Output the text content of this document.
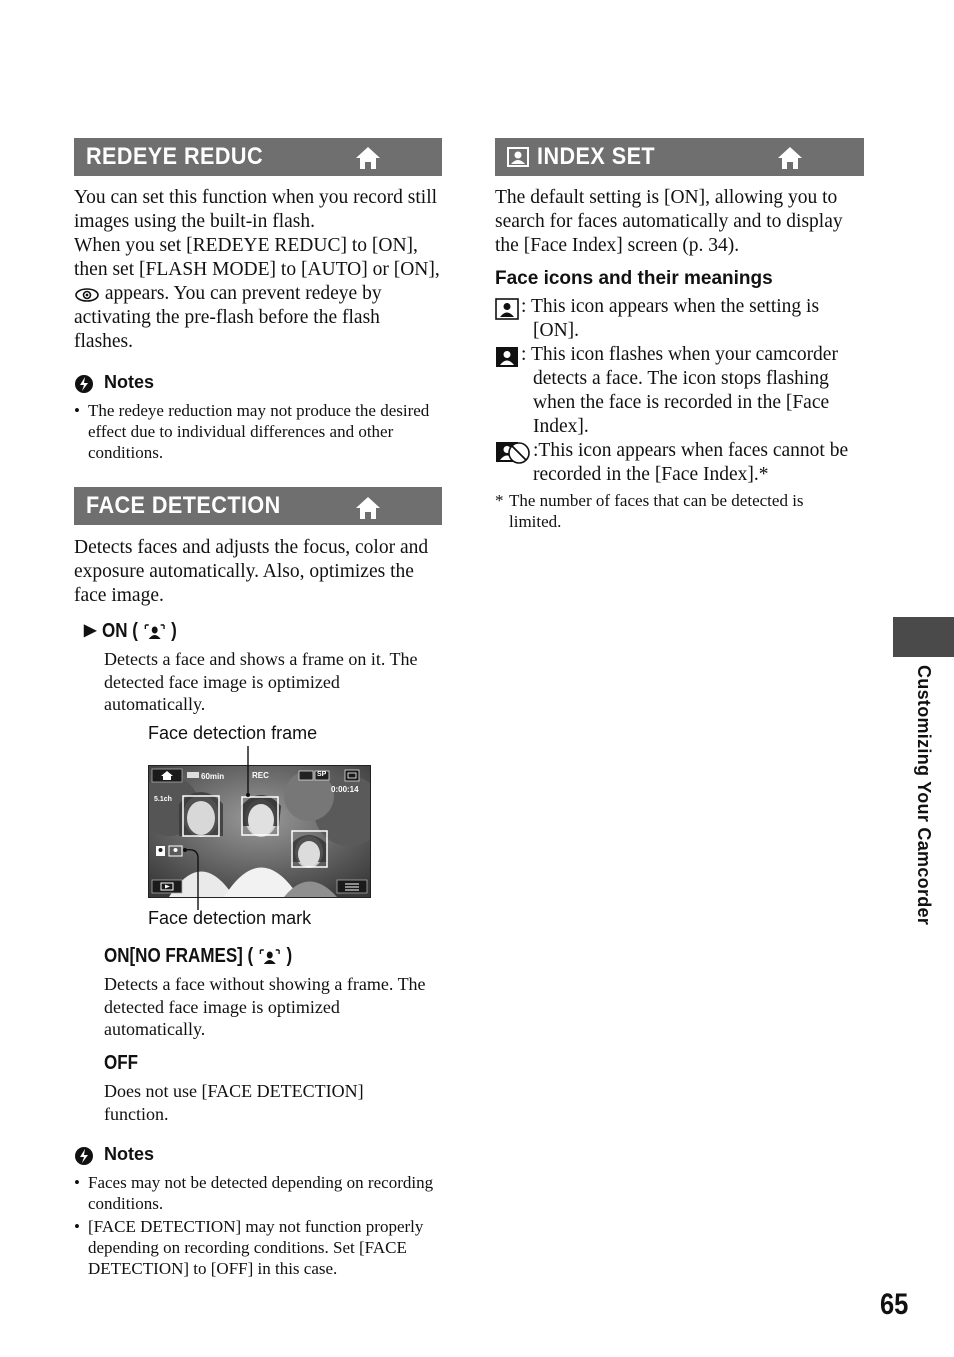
REDEYE REDUC
You can set this function when you record still images using the built-in flash.
When you set [REDEYE REDUC] to [ON], then set [FLASH MODE] to [AUTO] or [ON],  appears. You can prevent redeye by activating the pre-flash before the flash flashes.
Notes
• The redeye reduction may not produce the desired effect due to individual differences and other conditions.
FACE DETECTION
Detects faces and adjusts the focus, color and exposure automatically. Also, optimizes the face image.
▶ ON ( )
Detects a face and shows a frame on it. The detected face image is optimized automatically.
Face detection frame
60min	REC	SP
0:00:14
5.1ch
Face detection mark
ON[NO FRAMES] ( )
Detects a face without showing a frame. The detected face image is optimized automatically.
OFF
Does not use [FACE DETECTION] function.
Notes
• Faces may not be detected depending on recording conditions.
• [FACE DETECTION] may not function properly depending on recording conditions. Set [FACE DETECTION] to [OFF] in this case.
INDEX SET
The default setting is [ON], allowing you to search for faces automatically and to display the [Face Index] screen (p. 34).
Face icons and their meanings
: This icon appears when the setting is [ON].
: This icon flashes when your camcorder detects a face. The icon stops flashing when the face is recorded in the [Face Index].
:This icon appears when faces cannot be recorded in the [Face Index].*
* The number of faces that can be detected is limited.
Customizing Your Camcorder
65
